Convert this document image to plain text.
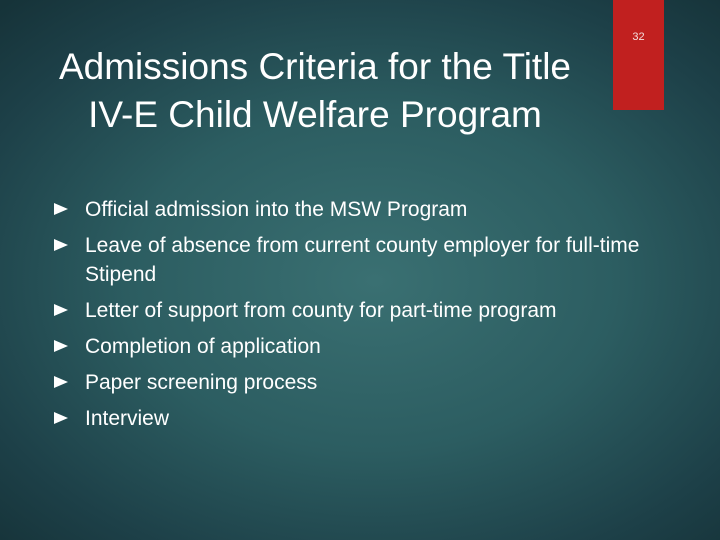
32
Admissions Criteria for the Title IV-E Child Welfare Program
Official admission into the MSW Program
Leave of absence from current county employer for full-time Stipend
Letter of support from county for part-time program
Completion of application
Paper screening process
Interview
